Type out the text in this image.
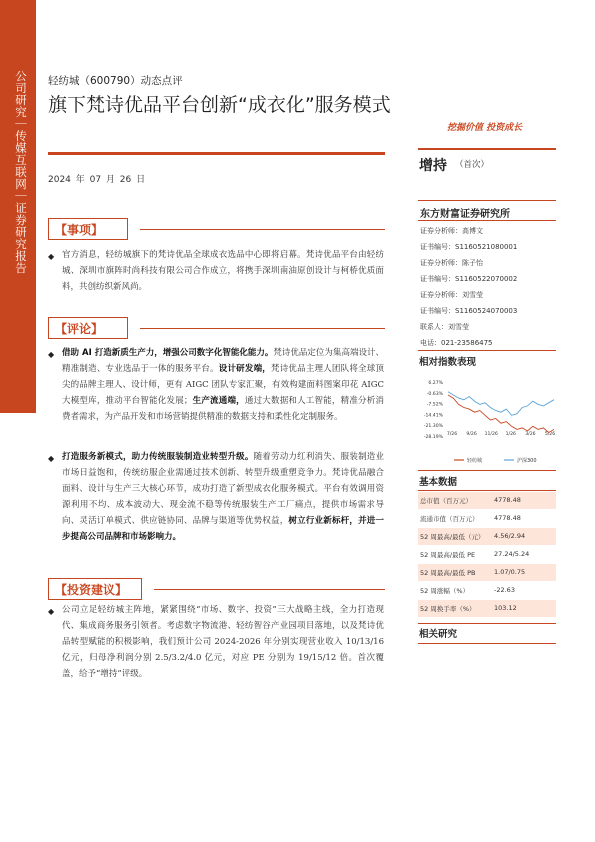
公司研究｜传媒互联网｜证券研究报告 轻纺城（600790）动态点评
旗下梵诗优品平台创新“成衣化”服务模式
2024 年 07 月 26 日
挖掘价值 投资成长
增持 （首次）
东方财富证券研究所
证券分析师：高博文
证书编号：S1160521080001
证券分析师：陈子怡
证书编号：S1160522070002
证券分析师：刘雪莹
证书编号：S1160524070003
联系人：刘雪莹
电话：021-23586475
相对指数表现
6.27%
-0.63%
-7.52%
-14.41%
-21.30%
-28.19%
7/26 9/26 11/26 1/26 3/26 5/26
轻纺城	沪深300
基本数据
总市值（百万元）	4778.48
流通市值（百万元） 4778.48
52 周最高/最低（元） 4.56/2.94
52 周最高/最低 PE	27.24/5.24
52 周最高/最低 PB	1.07/0.75
52 周涨幅（%）	-22.63
52 周换手率（%）	103.12
相关研究
【事项】
◆ 官方消息，轻纺城旗下的梵诗优品全球成衣选品中心即将启幕。梵诗优品平台由轻纺城、深圳市旗阵时尚科技有限公司合作成立，将携手深圳南油原创设计与柯桥优质面料，共创纺织新风尚。
【评论】
◆ 借助 AI 打造新质生产力，增强公司数字化智能化能力。梵诗优品定位为集高端设计、精准制造、专业选品于一体的服务平台。设计研发端，梵诗优品主理人团队将全球顶尖的品牌主理人、设计师，更有 AIGC 团队专家汇聚，有效构建面料图案印花 AIGC 大模型库，推动平台智能化发展；生产流通端，通过大数据和人工智能，精准分析消费者需求，为产品开发和市场营销提供精准的数据支持和柔性化定制服务。
◆ 打造服务新模式，助力传统服装制造业转型升级。随着劳动力红利消失、服装制造业市场日益饱和，传统纺服企业需通过技术创新、转型升级重塑竞争力。梵诗优品融合面料、设计与生产三大核心环节，成功打造了新型成衣化服务模式。平台有效调用资源利用不均、成本波动大、现金流不稳等传统服装生产工厂痛点，提供市场需求导向、灵活订单模式、供应链协同、品牌与渠道等优势权益，树立行业新标杆，并进一步提高公司品牌和市场影响力。
【投资建议】
◆ 公司立足轻纺城主阵地，紧紧围绕“市场、数字、投资”三大战略主线，全力打造现代、集成商务服务引领者。考虑数字物流港、轻纺智谷产业园项目落地，以及梵诗优品转型赋能的积极影响，我们预计公司 2024-2026 年分别实现营业收入 10/13/16 亿元，归母净利润分别 2.5/3.2/4.0 亿元，对应 PE 分别为 19/15/12 倍。首次覆盖，给予“增持”评级。
